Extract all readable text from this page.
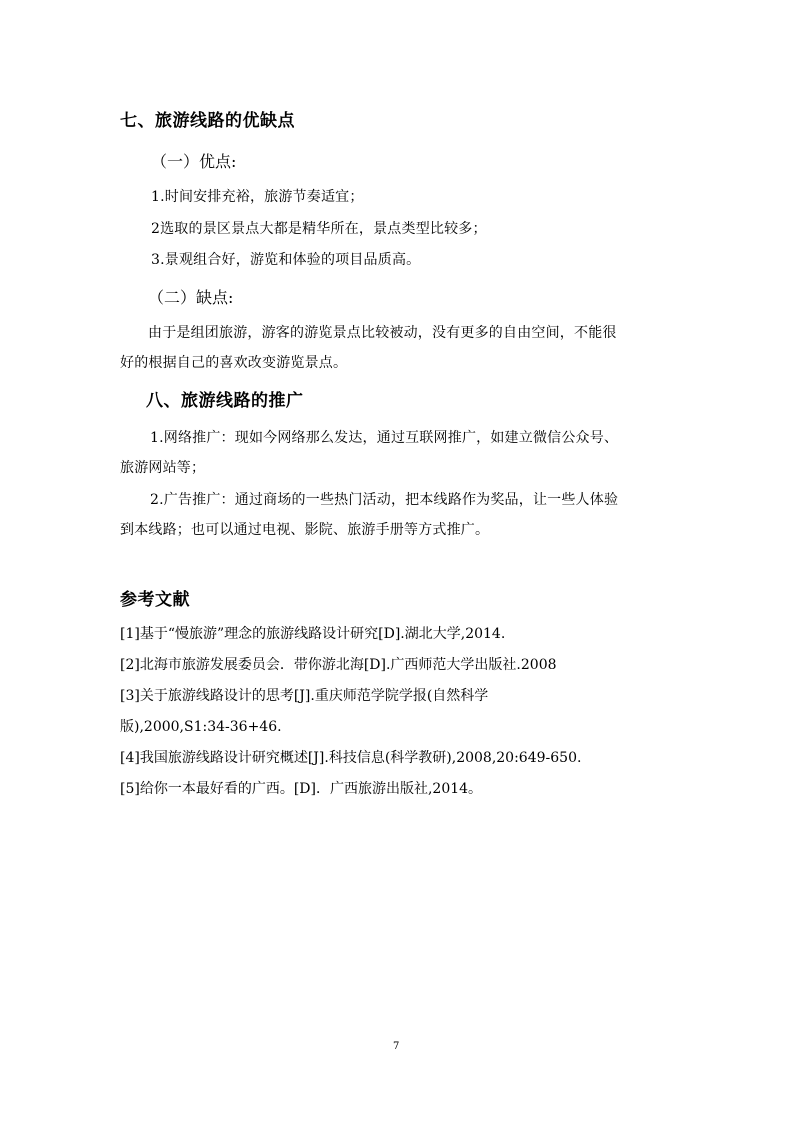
七、旅游线路的优缺点
（一）优点:
1.时间安排充裕，旅游节奏适宜；
2选取的景区景点大都是精华所在，景点类型比较多；
3.景观组合好，游览和体验的项目品质高。
（二）缺点:
由于是组团旅游，游客的游览景点比较被动，没有更多的自由空间，不能很
好的根据自己的喜欢改变游览景点。
八、旅游线路的推广
1.网络推广：现如今网络那么发达，通过互联网推广，如建立微信公众号、
旅游网站等；
2.广告推广：通过商场的一些热门活动，把本线路作为奖品，让一些人体验
到本线路；也可以通过电视、影院、旅游手册等方式推广。
参考文献
[1]基于“慢旅游”理念的旅游线路设计研究[D].湖北大学,2014.
[2]北海市旅游发展委员会．带你游北海[D].广西师范大学出版社.2008
[3]关于旅游线路设计的思考[J].重庆师范学院学报(自然科学
版),2000,S1:34-36+46.
[4]我国旅游线路设计研究概述[J].科技信息(科学教研),2008,20:649-650.
[5]给你一本最好看的广西。[D]．广西旅游出版社,2014。
7
